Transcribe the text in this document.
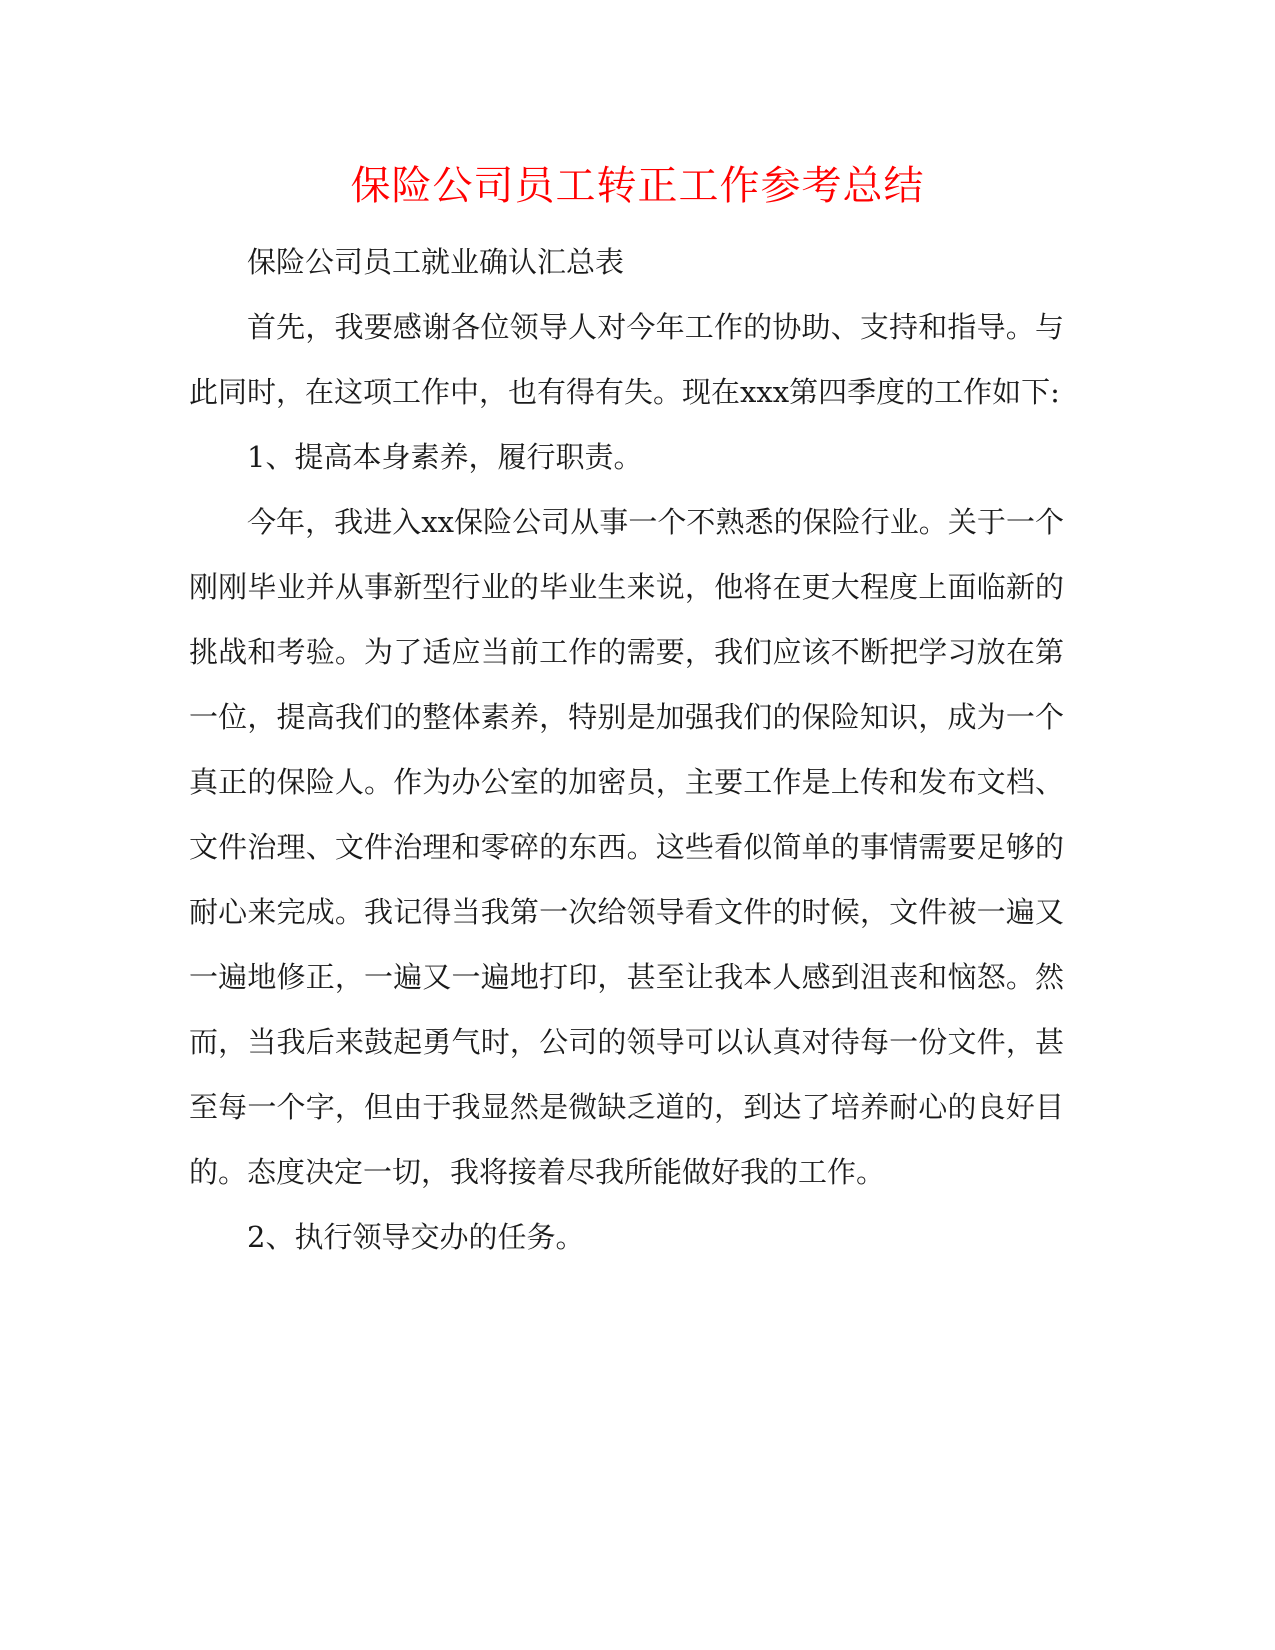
保险公司员工转正工作参考总结

保险公司员工就业确认汇总表

首先，我要感谢各位领导人对今年工作的协助、支持和指导。与此同时，在这项工作中，也有得有失。现在xxx第四季度的工作如下:

1、提高本身素养，履行职责。

今年，我进入xx保险公司从事一个不熟悉的保险行业。关于一个刚刚毕业并从事新型行业的毕业生来说，他将在更大程度上面临新的挑战和考验。为了适应当前工作的需要，我们应该不断把学习放在第一位，提高我们的整体素养，特别是加强我们的保险知识，成为一个真正的保险人。作为办公室的加密员，主要工作是上传和发布文档、文件治理、文件治理和零碎的东西。这些看似简单的事情需要足够的耐心来完成。我记得当我第一次给领导看文件的时候，文件被一遍又一遍地修正，一遍又一遍地打印，甚至让我本人感到沮丧和恼怒。然而，当我后来鼓起勇气时，公司的领导可以认真对待每一份文件，甚至每一个字，但由于我显然是微缺乏道的，到达了培养耐心的良好目的。态度决定一切，我将接着尽我所能做好我的工作。

2、执行领导交办的任务。
